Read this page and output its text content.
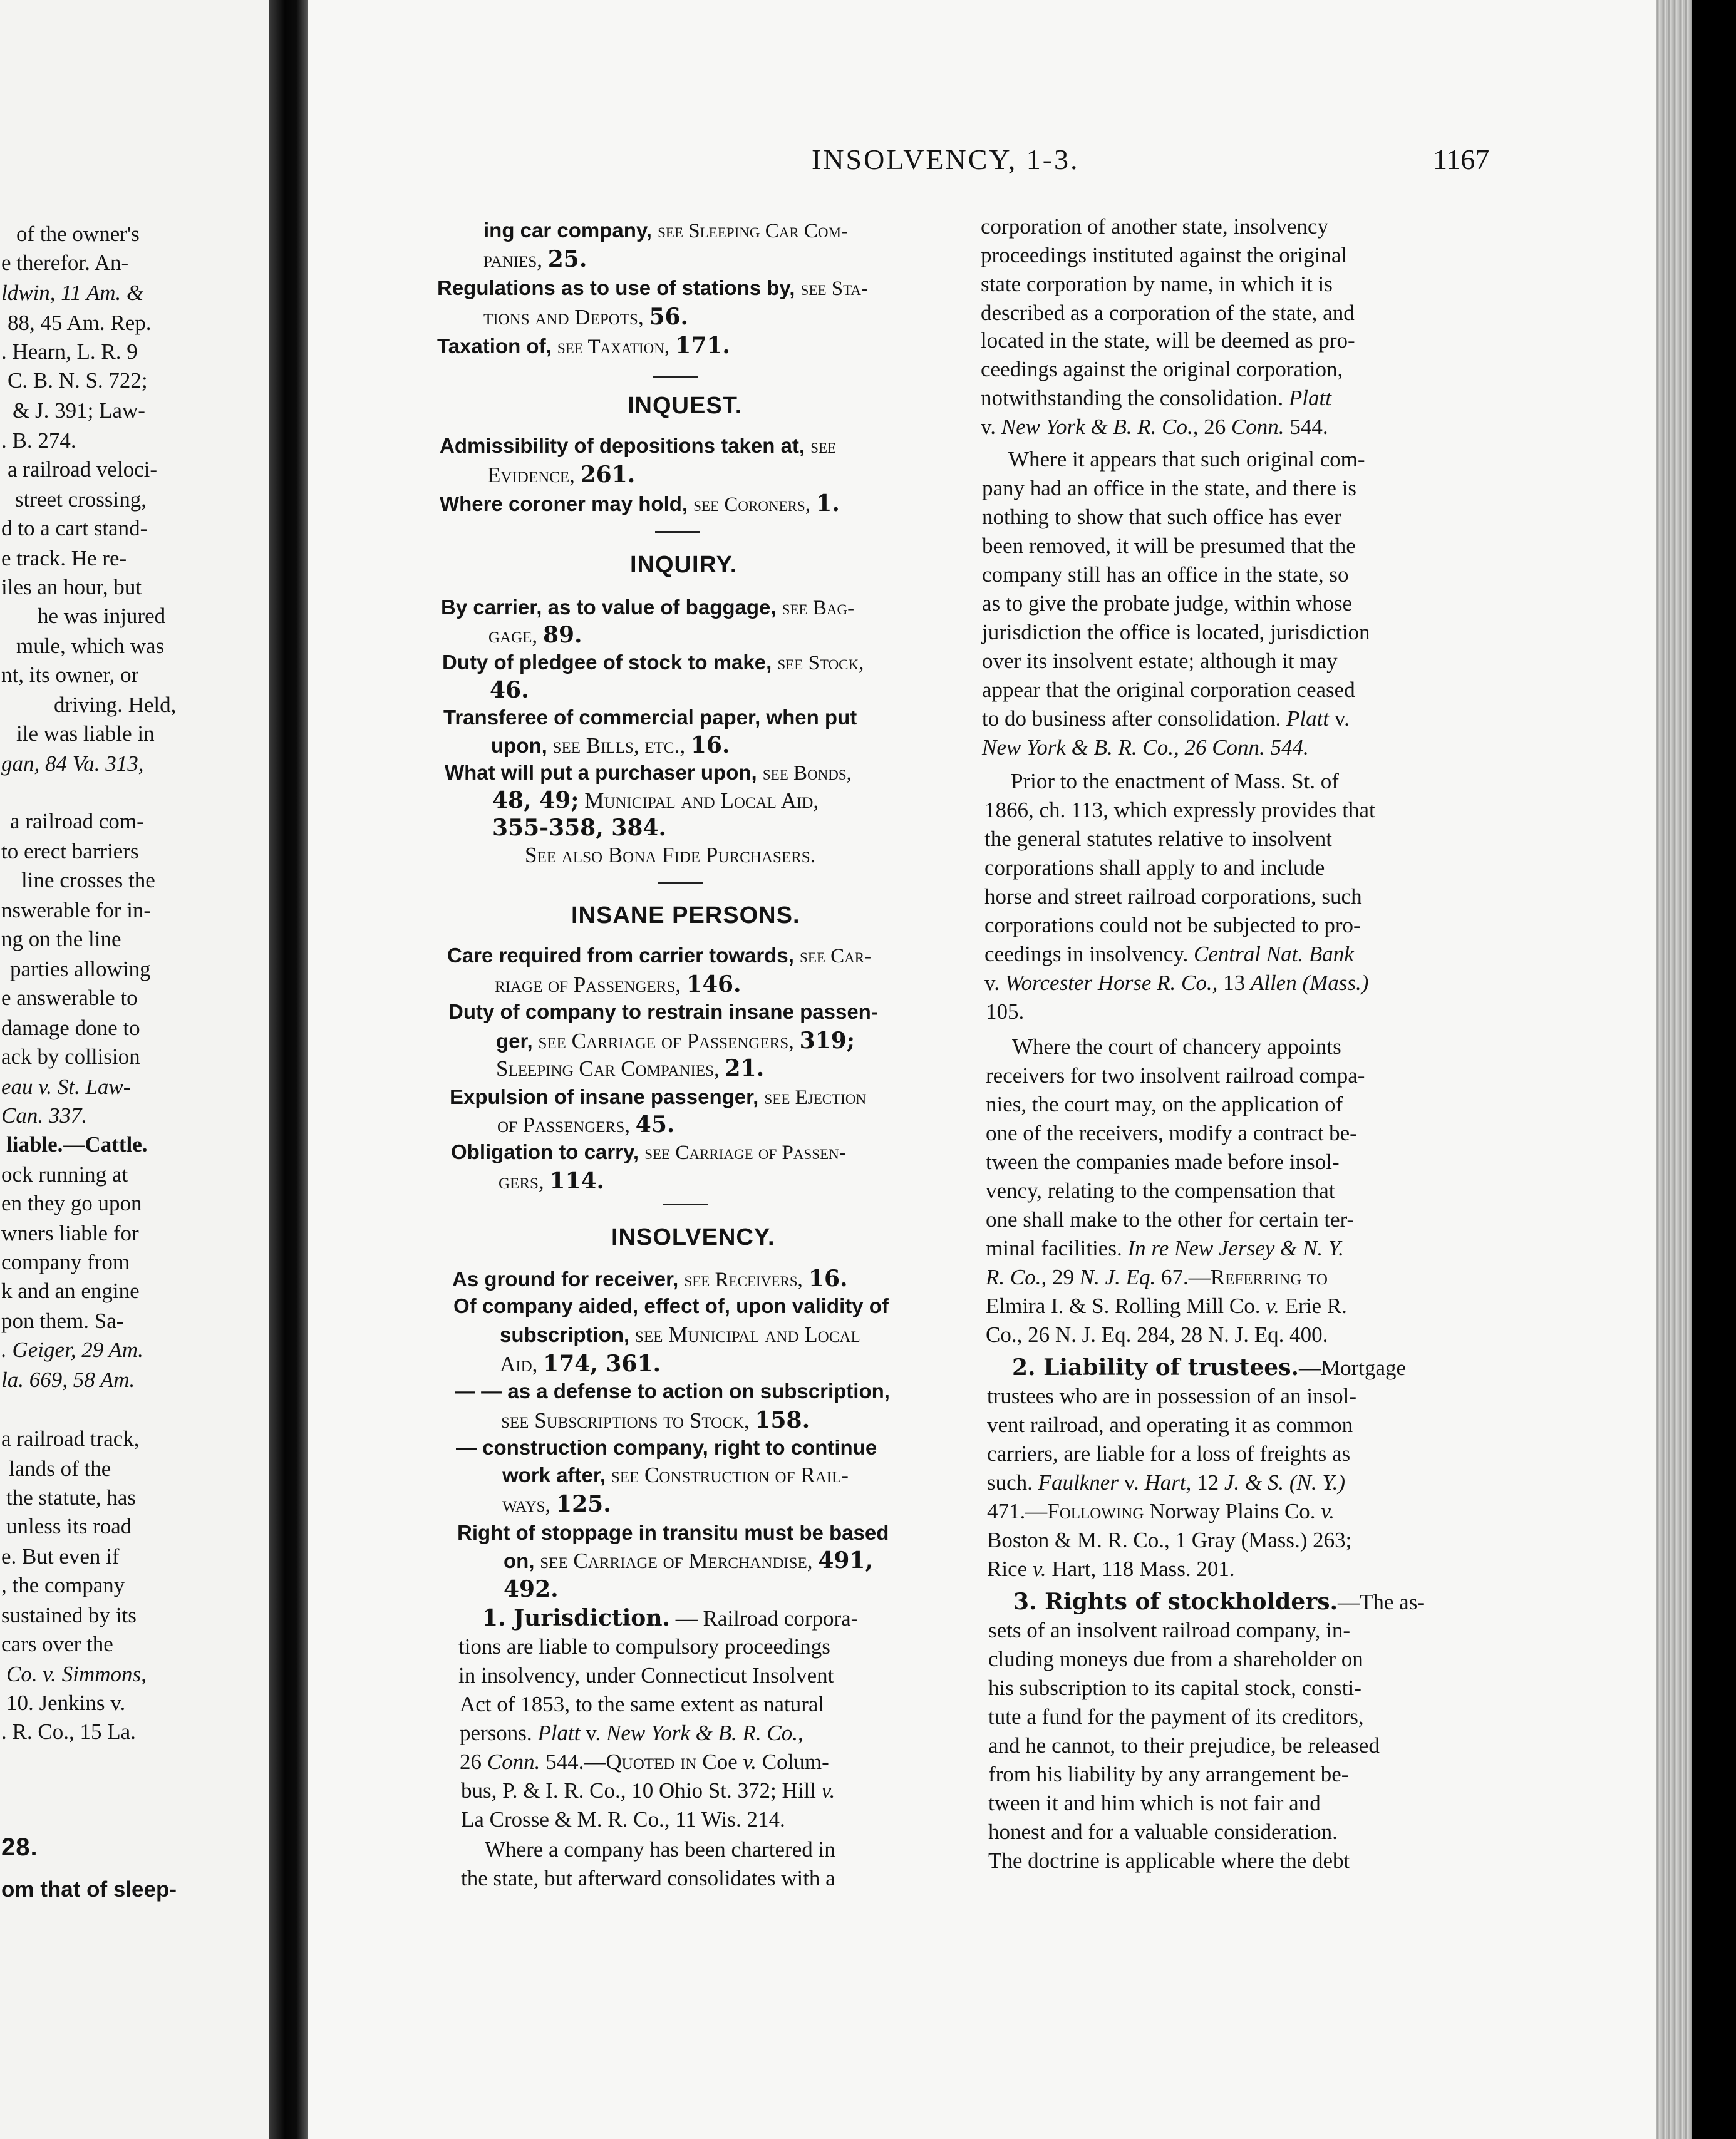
of the owner's
e therefor. An-
ldwin, 11 Am. &
88, 45 Am. Rep.
. Hearn, L. R. 9
C. B. N. S. 722;
& J. 391; Law-
. B. 274.
a railroad veloci-
street crossing,
d to a cart stand-
e track. He re-
iles an hour, but
he was injured
mule, which was
nt, its owner, or
driving. Held,
ile was liable in
gan, 84 Va. 313,
a railroad com-
to erect barriers
line crosses the
nswerable for in-
ng on the line
parties allowing
e answerable to
damage done to
ack by collision
eau v. St. Law-
Can. 337.
liable.—Cattle.
ock running at
en they go upon
wners liable for
company from
k and an engine
pon them. Sa-
. Geiger, 29 Am.
la. 669, 58 Am.
a railroad track,
lands of the
the statute, has
unless its road
e. But even if
, the company
sustained by its
cars over the
Co. v. Simmons,
10. Jenkins v.
. R. Co., 15 La.
28.
om that of sleep-
INSOLVENCY, 1-3.	1167
ing car company, see Sleeping Car Com-
panies, 25.
Regulations as to use of stations by, see Sta-
tions and Depots, 56.
Taxation of, see Taxation, 171.
INQUEST.
Admissibility of depositions taken at, see
Evidence, 261.
Where coroner may hold, see Coroners, 1.
INQUIRY.
By carrier, as to value of baggage, see Bag-
gage, 89.
Duty of pledgee of stock to make, see Stock,
46.
Transferee of commercial paper, when put
upon, see Bills, etc., 16.
What will put a purchaser upon, see Bonds,
48, 49; Municipal and Local Aid,
355-358, 384.
See also Bona Fide Purchasers.
INSANE PERSONS.
Care required from carrier towards, see Car-
riage of Passengers, 146.
Duty of company to restrain insane passen-
ger, see Carriage of Passengers, 319;
Sleeping Car Companies, 21.
Expulsion of insane passenger, see Ejection
of Passengers, 45.
Obligation to carry, see Carriage of Passen-
gers, 114.
INSOLVENCY.
As ground for receiver, see Receivers, 16.
Of company aided, effect of, upon validity of
subscription, see Municipal and Local
Aid, 174, 361.
— — as a defense to action on subscription,
see Subscriptions to Stock, 158.
— construction company, right to continue
work after, see Construction of Rail-
ways, 125.
Right of stoppage in transitu must be based
on, see Carriage of Merchandise, 491,
492.
1. Jurisdiction. — Railroad corpora-
tions are liable to compulsory proceedings
in insolvency, under Connecticut Insolvent
Act of 1853, to the same extent as natural
persons. Platt v. New York & B. R. Co.,
26 Conn. 544.—Quoted in Coe v. Colum-
bus, P. & I. R. Co., 10 Ohio St. 372; Hill v.
La Crosse & M. R. Co., 11 Wis. 214.
Where a company has been chartered in
the state, but afterward consolidates with a
corporation of another state, insolvency
proceedings instituted against the original
state corporation by name, in which it is
described as a corporation of the state, and
located in the state, will be deemed as pro-
ceedings against the original corporation,
notwithstanding the consolidation. Platt
v. New York & B. R. Co., 26 Conn. 544.
Where it appears that such original com-
pany had an office in the state, and there is
nothing to show that such office has ever
been removed, it will be presumed that the
company still has an office in the state, so
as to give the probate judge, within whose
jurisdiction the office is located, jurisdiction
over its insolvent estate; although it may
appear that the original corporation ceased
to do business after consolidation. Platt v.
New York & B. R. Co., 26 Conn. 544.
Prior to the enactment of Mass. St. of
1866, ch. 113, which expressly provides that
the general statutes relative to insolvent
corporations shall apply to and include
horse and street railroad corporations, such
corporations could not be subjected to pro-
ceedings in insolvency. Central Nat. Bank
v. Worcester Horse R. Co., 13 Allen (Mass.)
105.
Where the court of chancery appoints
receivers for two insolvent railroad compa-
nies, the court may, on the application of
one of the receivers, modify a contract be-
tween the companies made before insol-
vency, relating to the compensation that
one shall make to the other for certain ter-
minal facilities. In re New Jersey & N. Y.
R. Co., 29 N. J. Eq. 67.—Referring to
Elmira I. & S. Rolling Mill Co. v. Erie R.
Co., 26 N. J. Eq. 284, 28 N. J. Eq. 400.
2. Liability of trustees.—Mortgage
trustees who are in possession of an insol-
vent railroad, and operating it as common
carriers, are liable for a loss of freights as
such. Faulkner v. Hart, 12 J. & S. (N. Y.)
471.—Following Norway Plains Co. v.
Boston & M. R. Co., 1 Gray (Mass.) 263;
Rice v. Hart, 118 Mass. 201.
3. Rights of stockholders.—The as-
sets of an insolvent railroad company, in-
cluding moneys due from a shareholder on
his subscription to its capital stock, consti-
tute a fund for the payment of its creditors,
and he cannot, to their prejudice, be released
from his liability by any arrangement be-
tween it and him which is not fair and
honest and for a valuable consideration.
The doctrine is applicable where the debt
